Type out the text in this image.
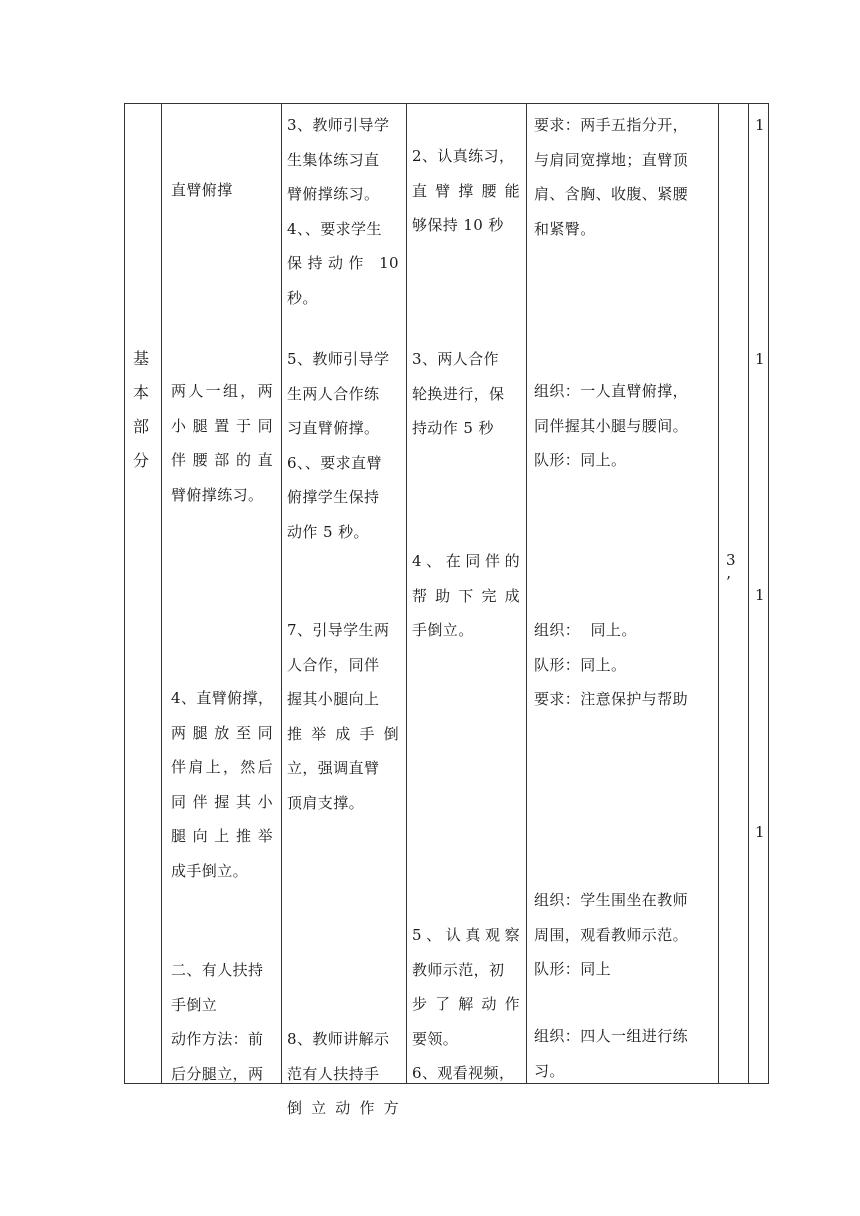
基
本
部
分
直臂俯撑
两人一组，两
小腿置于同
伴腰部的直
臂俯撑练习。
4、直臂俯撑，
两腿放至同
伴肩上，然后
同伴握其小
腿向上推举
成手倒立。
二、有人扶持
手倒立
动作方法：前
后分腿立，两
3、教师引导学
生集体练习直
臂俯撑练习。
4、、要求学生
保持动作 10
秒。
5、教师引导学
生两人合作练
习直臂俯撑。
6、、要求直臂
俯撑学生保持
动作 5 秒。
7、引导学生两
人合作，同伴
握其小腿向上
推举成手倒
立，强调直臂
顶肩支撑。
8、教师讲解示
范有人扶持手
倒立动作方
2、认真练习，
直臂撑腰能
够保持 10 秒
3、两人合作
轮换进行，保
持动作 5 秒
4、在同伴的
帮助下完成
手倒立。
5、认真观察
教师示范，初
步了解动作
要领。
6、观看视频，
要求：两手五指分开，
与肩同宽撑地；直臂顶
肩、含胸、收腹、紧腰
和紧臀。
组织：一人直臂俯撑，
同伴握其小腿与腰间。
队形：同上。
组织：  同上。
队形：同上。
要求：注意保护与帮助
组织：学生围坐在教师
周围，观看教师示范。
队形：同上
组织：四人一组进行练
习。
3
’
1
1
1
1
